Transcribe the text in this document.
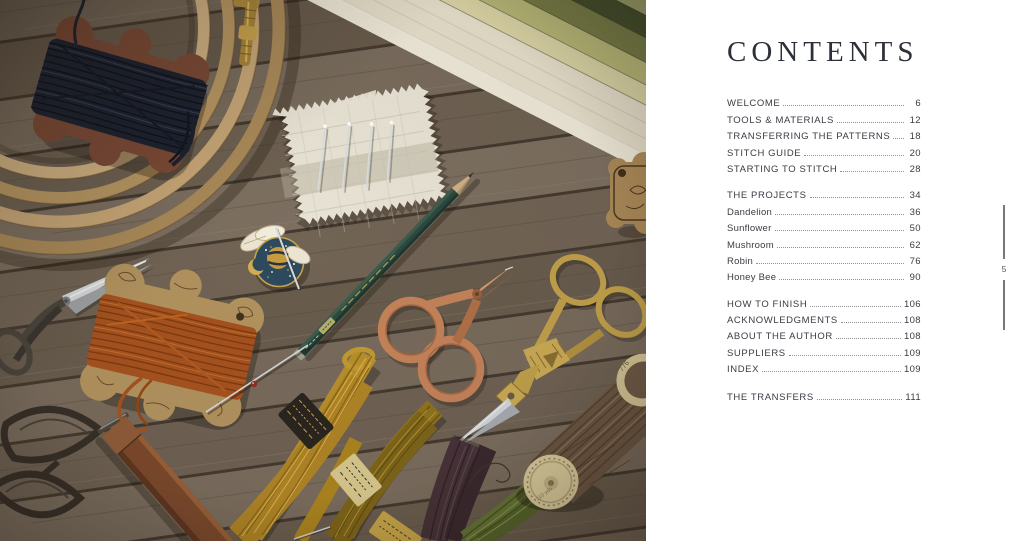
CONTENTS
WELCOME	6
TOOLS & MATERIALS	12
TRANSFERRING THE PATTERNS 18
STITCH GUIDE	20
STARTING TO STITCH	28
THE PROJECTS	34
Dandelion	36
Sunflower	50
Mushroom	62
Robin	76
Honey Bee	90
HOW TO FINISH	106
ACKNOWLEDGMENTS	108
ABOUT THE AUTHOR	108
SUPPLIERS	109
INDEX	109
THE TRANSFERS	111
5
